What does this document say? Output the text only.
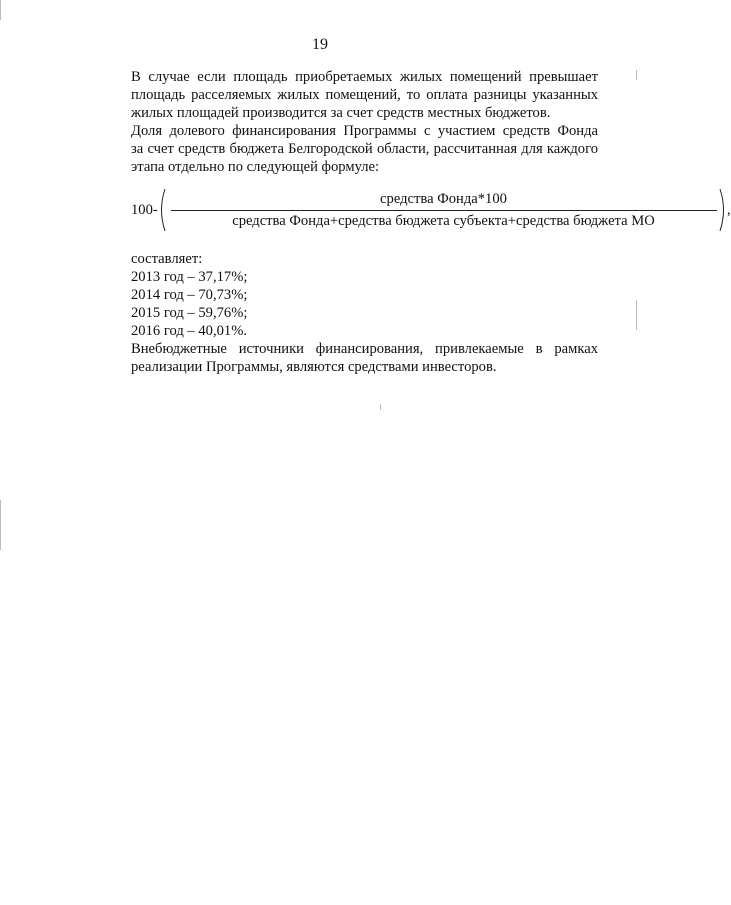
19
В случае если площадь приобретаемых жилых помещений превышает
площадь расселяемых жилых помещений, то оплата разницы указанных
жилых площадей производится за счет средств местных бюджетов.
Доля долевого финансирования Программы с участием средств Фонда
за счет средств бюджета Белгородской области, рассчитанная для каждого
этапа отдельно по следующей формуле:
100-
средства Фонда*100
средства Фонда+средства бюджета субъекта+средства бюджета МО
,
составляет:
2013 год – 37,17%;
2014 год – 70,73%;
2015 год – 59,76%;
2016 год – 40,01%.
Внебюджетные источники финансирования, привлекаемые в рамках
реализации Программы, являются средствами инвесторов.
